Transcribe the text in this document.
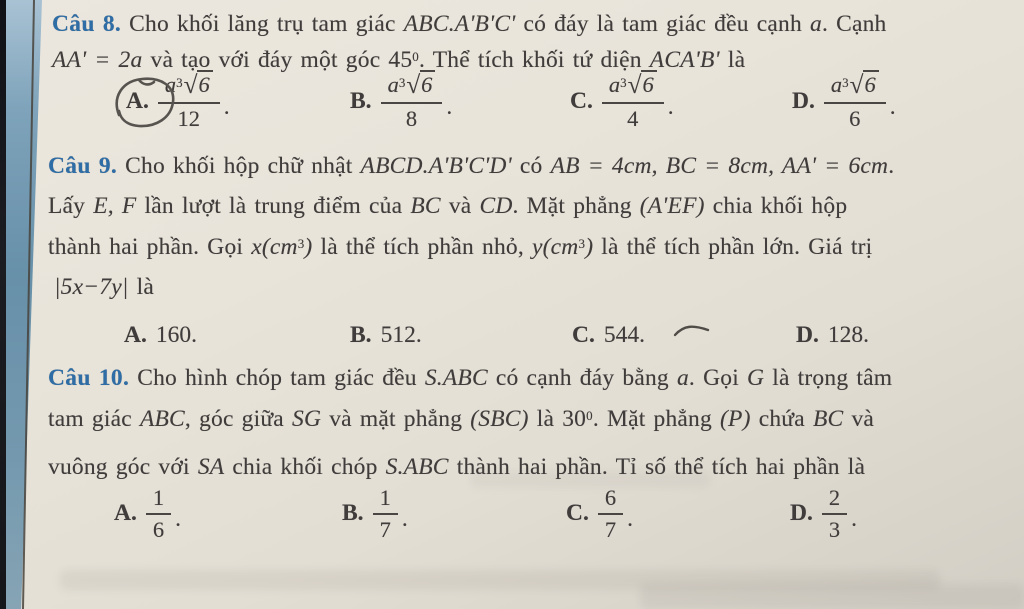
Câu 8. Cho khối lăng trụ tam giác ABC.A'B'C' có đáy là tam giác đều cạnh a. Cạnh
AA' = 2a và tạo với đáy một góc $45^0$. Thể tích khối tứ diện ACA'B' là
A. $\frac{a^3√6}{12}$ .	B. $\frac{a^3√6}{8}$ .	C. $\frac{a^3√6}{4}$ .	D. $\frac{a^3√6}{6}$ .
Câu 9. Cho khối hộp chữ nhật ABCD.A'B'C'D' có AB = 4cm, BC = 8cm, AA' = 6cm.
Lấy E, F lần lượt là trung điểm của BC và CD. Mặt phẳng (A'EF) chia khối hộp
thành hai phần. Gọi $x(cm^3)$ là thể tích phần nhỏ, $y(cm^3)$ là thể tích phần lớn. Giá trị
|5x−7y| là
A. 160.	B. 512.	C. 544.	D. 128.
Câu 10. Cho hình chóp tam giác đều S.ABC có cạnh đáy bằng a. Gọi G là trọng tâm
tam giác ABC, góc giữa SG và mặt phẳng (SBC) là $30^0$. Mặt phẳng (P) chứa BC và
vuông góc với SA chia khối chóp S.ABC thành hai phần. Tỉ số thể tích hai phần là
A. $\frac{1}{6}$ .	B. $\frac{1}{7}$ .	C. $\frac{6}{7}$ .	D. $\frac{2}{3}$ .
